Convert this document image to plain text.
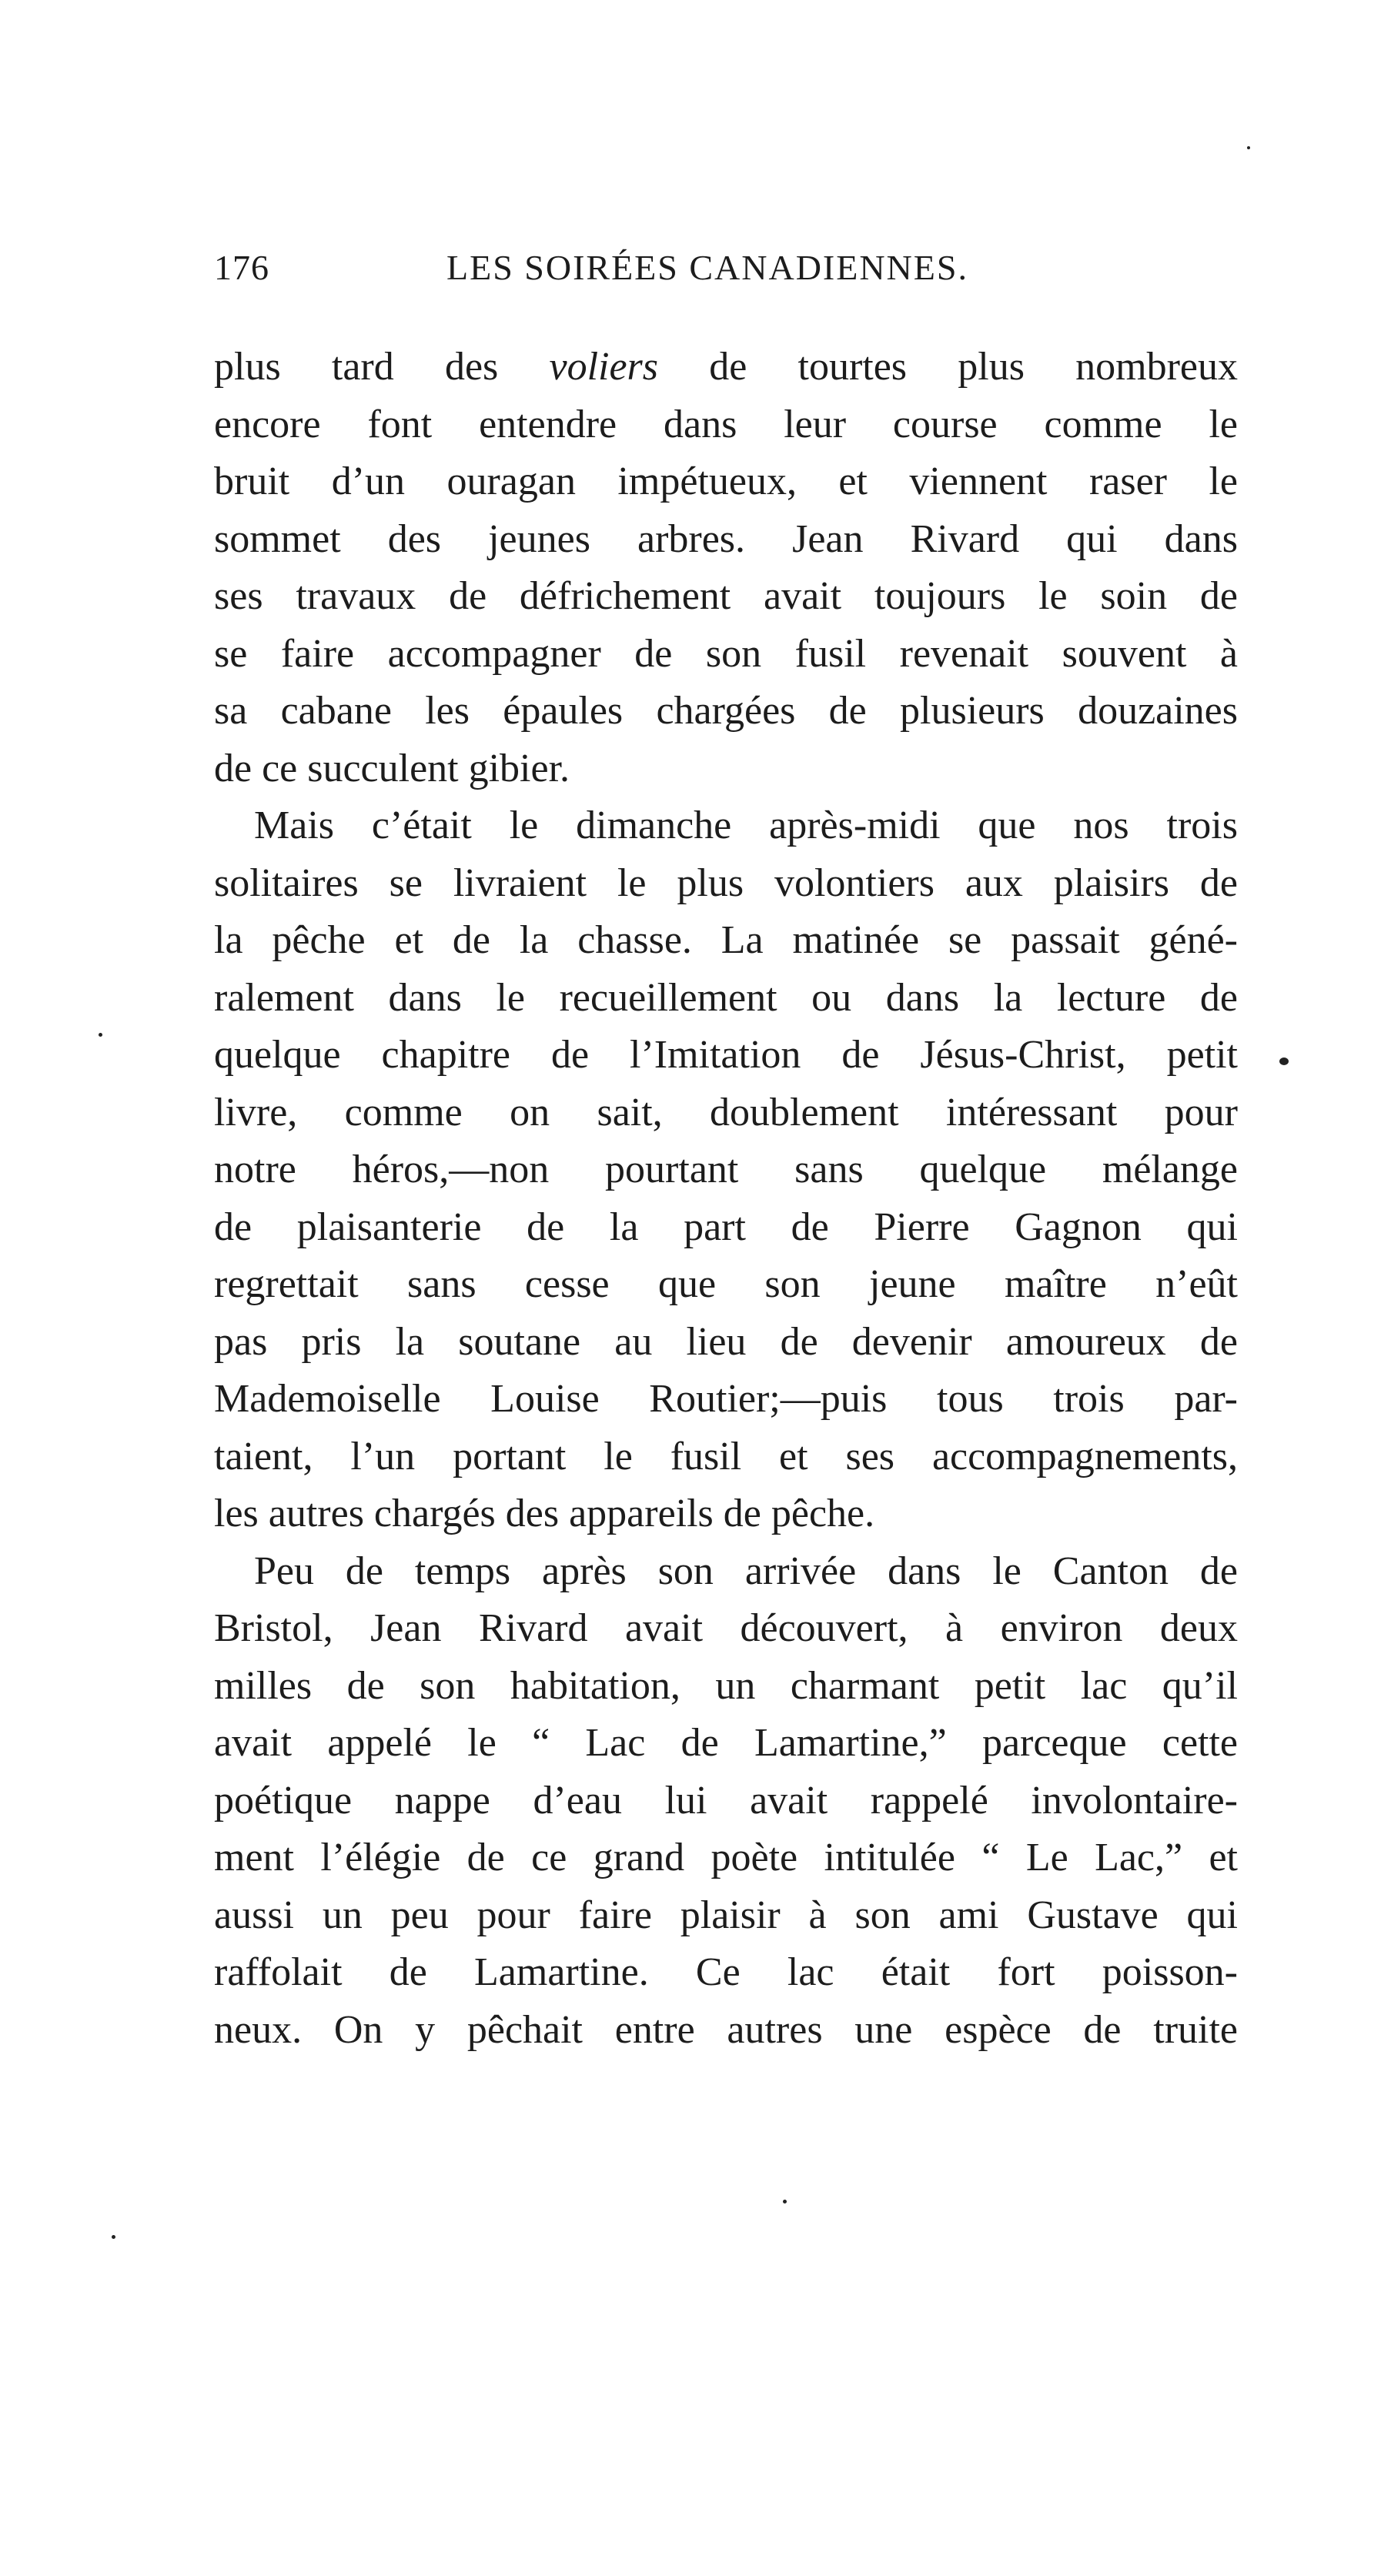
176	LES SOIRÉES CANADIENNES.
plus tard des voliers de tourtes plus nombreux
encore font entendre dans leur course comme le
bruit d’un ouragan impétueux, et viennent raser le
sommet des jeunes arbres. Jean Rivard qui dans
ses travaux de défrichement avait toujours le soin de
se faire accompagner de son fusil revenait souvent à
sa cabane les épaules chargées de plusieurs douzaines
de ce succulent gibier.
Mais c’était le dimanche après-midi que nos trois
solitaires se livraient le plus volontiers aux plaisirs de
la pêche et de la chasse. La matinée se passait géné-
ralement dans le recueillement ou dans la lecture de
quelque chapitre de l’Imitation de Jésus-Christ, petit
livre, comme on sait, doublement intéressant pour
notre héros,—non pourtant sans quelque mélange
de plaisanterie de la part de Pierre Gagnon qui
regrettait sans cesse que son jeune maître n’eût
pas pris la soutane au lieu de devenir amoureux de
Mademoiselle Louise Routier;—puis tous trois par-
taient, l’un portant le fusil et ses accompagnements,
les autres chargés des appareils de pêche.
Peu de temps après son arrivée dans le Canton de
Bristol, Jean Rivard avait découvert, à environ deux
milles de son habitation, un charmant petit lac qu’il
avait appelé le “ Lac de Lamartine,” parceque cette
poétique nappe d’eau lui avait rappelé involontaire-
ment l’élégie de ce grand poète intitulée “ Le Lac,” et
aussi un peu pour faire plaisir à son ami Gustave qui
raffolait de Lamartine. Ce lac était fort poisson-
neux. On y pêchait entre autres une espèce de truite
